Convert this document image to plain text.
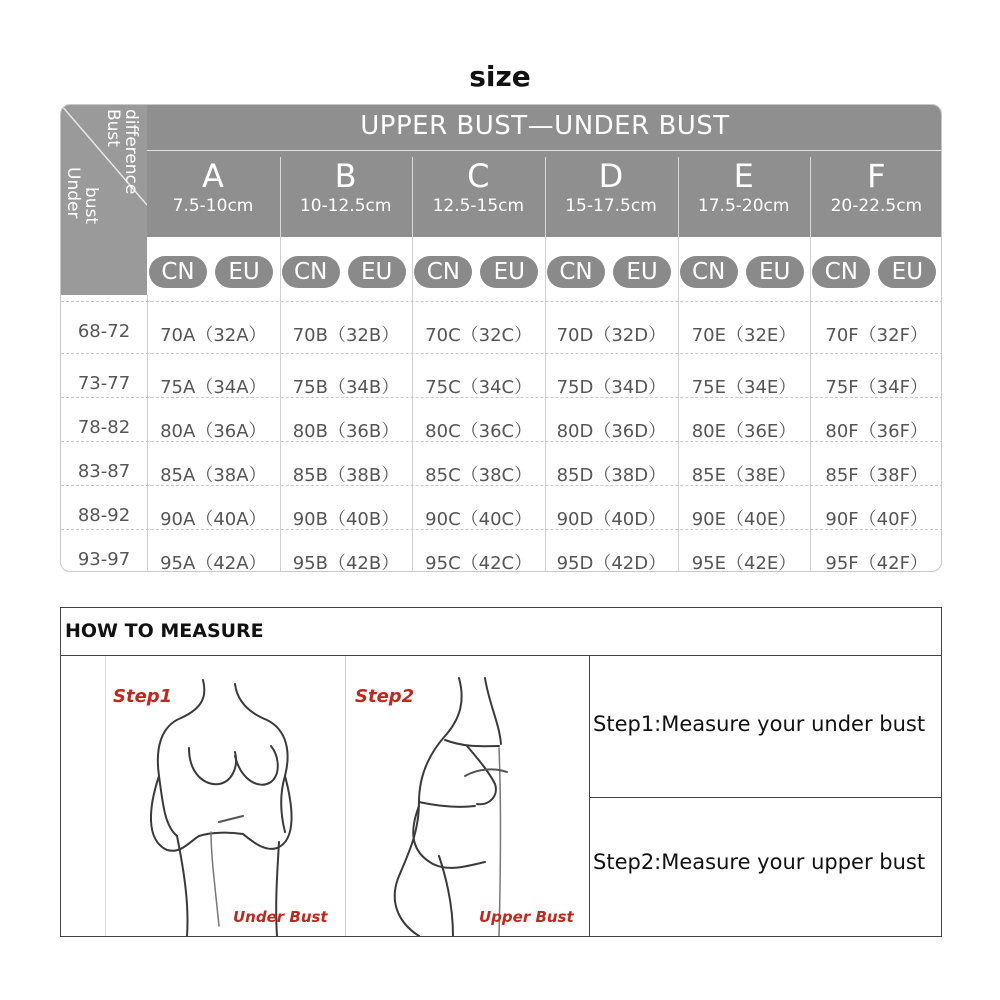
size
Bust
difference
Under
bust
UPPER BUST—UNDER BUST
A
7.5-10cm
B
10-12.5cm
C
12.5-15cm
D
15-17.5cm
E
17.5-20cm
F
20-22.5cm
CN	EU	CN	EU	CN	EU	CN	EU	CN	EU	CN	EU
68-72	70A（32A）	70B（32B）	70C（32C）	70D（32D）	70E（32E）	70F（32F）
73-77	75A（34A）	75B（34B）	75C（34C）	75D（34D）	75E（34E）	75F（34F）
78-82	80A（36A）	80B（36B）	80C（36C）	80D（36D）	80E（36E）	80F（36F）
83-87	85A（38A）	85B（38B）	85C（38C）	85D（38D）	85E（38E）	85F（38F）
88-92	90A（40A）	90B（40B）	90C（40C）	90D（40D）	90E（40E）	90F（40F）
93-97	95A（42A）	95B（42B）	95C（42C）	95D（42D）	95E（42E）	95F（42F）
HOW TO MEASURE
Step1
Under Bust
Step2
Upper Bust
Step1:Measure your under bust
Step2:Measure your upper bust
